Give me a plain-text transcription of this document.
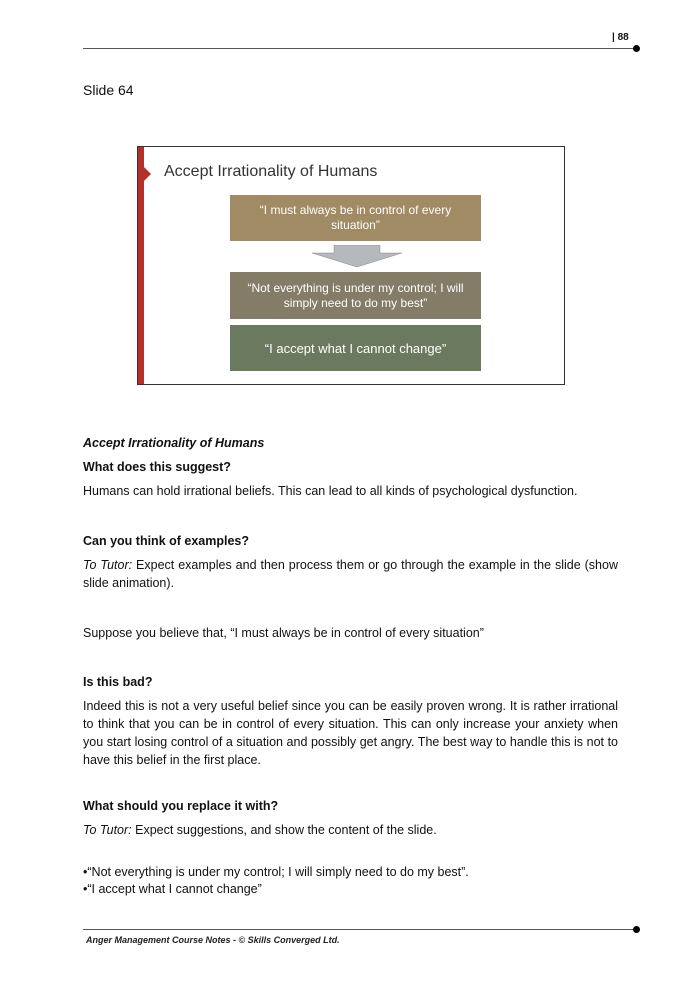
| 88
Slide 64
Accept Irrationality of Humans
“I must always be in control of every situation”
“Not everything is under my control; I will simply need to do my best”
“I accept what I cannot change”
Accept Irrationality of Humans
What does this suggest?
Humans can hold irrational beliefs. This can lead to all kinds of psychological dysfunction.
Can you think of examples?
To Tutor: Expect examples and then process them or go through the example in the slide (show slide animation).
Suppose you believe that, “I must always be in control of every situation”
Is this bad?
Indeed this is not a very useful belief since you can be easily proven wrong. It is rather irrational to think that you can be in control of every situation. This can only increase your anxiety when you start losing control of a situation and possibly get angry. The best way to handle this is not to have this belief in the first place.
What should you replace it with?
To Tutor: Expect suggestions, and show the content of the slide.
•“Not everything is under my control; I will simply need to do my best”.
•“I accept what I cannot change”
Anger Management Course Notes - © Skills Converged Ltd.
